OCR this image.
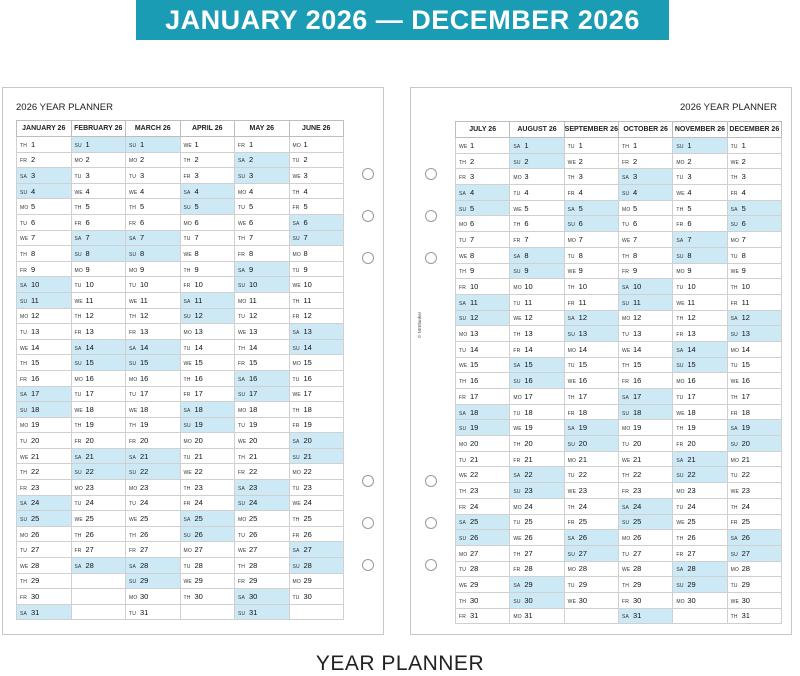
JANUARY 2026 — DECEMBER 2026
2026 YEAR PLANNER
JANUARY 26	FEBRUARY 26	MARCH 26	APRIL 26	MAY 26	JUNE 26
TH 1	SU 1	SU 1	WE 1	FR 1	MO 1
FR 2	MO 2	MO 2	TH 2	SA 2	TU 2
SA 3	TU 3	TU 3	FR 3	SU 3	WE 3
SU 4	WE 4	WE 4	SA 4	MO 4	TH 4
MO 5	TH 5	TH 5	SU 5	TU 5	FR 5
TU 6	FR 6	FR 6	MO 6	WE 6	SA 6
WE 7	SA 7	SA 7	TU 7	TH 7	SU 7
TH 8	SU 8	SU 8	WE 8	FR 8	MO 8
FR 9	MO 9	MO 9	TH 9	SA 9	TU 9
SA 10	TU 10	TU 10	FR 10	SU 10	WE 10
SU 11	WE 11	WE 11	SA 11	MO 11	TH 11
MO 12	TH 12	TH 12	SU 12	TU 12	FR 12
TU 13	FR 13	FR 13	MO 13	WE 13	SA 13
WE 14	SA 14	SA 14	TU 14	TH 14	SU 14
TH 15	SU 15	SU 15	WE 15	FR 15	MO 15
FR 16	MO 16	MO 16	TH 16	SA 16	TU 16
SA 17	TU 17	TU 17	FR 17	SU 17	WE 17
SU 18	WE 18	WE 18	SA 18	MO 18	TH 18
MO 19	TH 19	TH 19	SU 19	TU 19	FR 19
TU 20	FR 20	FR 20	MO 20	WE 20	SA 20
WE 21	SA 21	SA 21	TU 21	TH 21	SU 21
TH 22	SU 22	SU 22	WE 22	FR 22	MO 22
FR 23	MO 23	MO 23	TH 23	SA 23	TU 23
SA 24	TU 24	TU 24	FR 24	SU 24	WE 24
SU 25	WE 25	WE 25	SA 25	MO 25	TH 25
MO 26	TH 26	TH 26	SU 26	TU 26	FR 26
TU 27	FR 27	FR 27	MO 27	WE 27	SA 27
WE 28	SA 28	SA 28	TU 28	TH 28	SU 28
TH 29		SU 29	WE 29	FR 29	MO 29
FR 30		MO 30	TH 30	SA 30	TU 30
SA 31		TU 31		SU 31	
2026 YEAR PLANNER
JULY 26	AUGUST 26	SEPTEMBER 26	OCTOBER 26	NOVEMBER 26	DECEMBER 26
WE 1	SA 1	TU 1	TH 1	SU 1	TU 1
TH 2	SU 2	WE 2	FR 2	MO 2	WE 2
FR 3	MO 3	TH 3	SA 3	TU 3	TH 3
SA 4	TU 4	FR 4	SU 4	WE 4	FR 4
SU 5	WE 5	SA 5	MO 5	TH 5	SA 5
MO 6	TH 6	SU 6	TU 6	FR 6	SU 6
TU 7	FR 7	MO 7	WE 7	SA 7	MO 7
WE 8	SA 8	TU 8	TH 8	SU 8	TU 8
TH 9	SU 9	WE 9	FR 9	MO 9	WE 9
FR 10	MO 10	TH 10	SA 10	TU 10	TH 10
SA 11	TU 11	FR 11	SU 11	WE 11	FR 11
SU 12	WE 12	SA 12	MO 12	TH 12	SA 12
MO 13	TH 13	SU 13	TU 13	FR 13	SU 13
TU 14	FR 14	MO 14	WE 14	SA 14	MO 14
WE 15	SA 15	TU 15	TH 15	SU 15	TU 15
TH 16	SU 16	WE 16	FR 16	MO 16	WE 16
FR 17	MO 17	TH 17	SA 17	TU 17	TH 17
SA 18	TU 18	FR 18	SU 18	WE 18	FR 18
SU 19	WE 19	SA 19	MO 19	TH 19	SA 19
MO 20	TH 20	SU 20	TU 20	FR 20	SU 20
TU 21	FR 21	MO 21	WE 21	SA 21	MO 21
WE 22	SA 22	TU 22	TH 22	SU 22	TU 22
TH 23	SU 23	WE 23	FR 23	MO 23	WE 23
FR 24	MO 24	TH 24	SA 24	TU 24	TH 24
SA 25	TU 25	FR 25	SU 25	WE 25	FR 25
SU 26	WE 26	SA 26	MO 26	TH 26	SA 26
MO 27	TH 27	SU 27	TU 27	FR 27	SU 27
TU 28	FR 28	MO 28	WE 28	SA 28	MO 28
WE 29	SA 29	TU 29	TH 29	SU 29	TU 29
TH 30	SU 30	WE 30	FR 30	MO 30	WE 30
FR 31	MO 31		SA 31		TH 31
© NEBlanker
YEAR PLANNER
